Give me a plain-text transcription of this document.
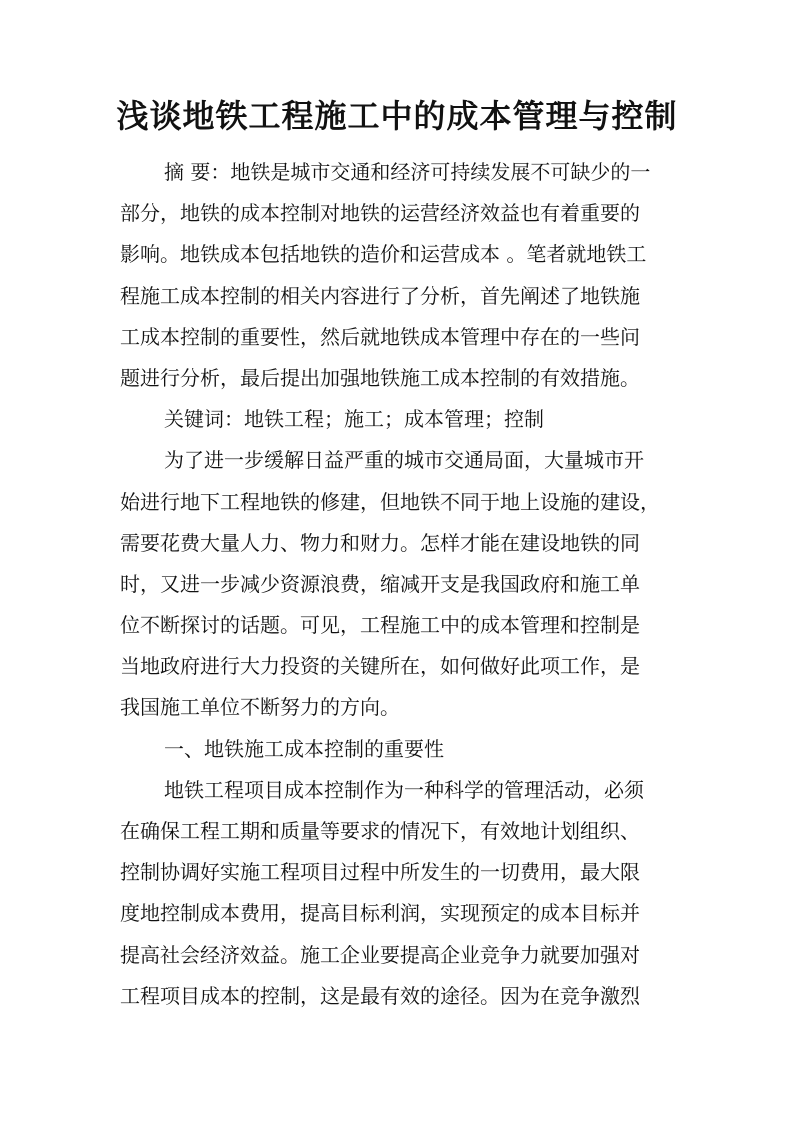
浅谈地铁工程施工中的成本管理与控制
摘 要：地铁是城市交通和经济可持续发展不可缺少的一
部分，地铁的成本控制对地铁的运营经济效益也有着重要的
影响。地铁成本包括地铁的造价和运营成本 。笔者就地铁工
程施工成本控制的相关内容进行了分析，首先阐述了地铁施
工成本控制的重要性，然后就地铁成本管理中存在的一些问
题进行分析，最后提出加强地铁施工成本控制的有效措施。
关键词：地铁工程；施工；成本管理；控制
为了进一步缓解日益严重的城市交通局面，大量城市开
始进行地下工程地铁的修建，但地铁不同于地上设施的建设，
需要花费大量人力、物力和财力。怎样才能在建设地铁的同
时，又进一步减少资源浪费，缩减开支是我国政府和施工单
位不断探讨的话题。可见，工程施工中的成本管理和控制是
当地政府进行大力投资的关键所在，如何做好此项工作，是
我国施工单位不断努力的方向。
一、地铁施工成本控制的重要性
地铁工程项目成本控制作为一种科学的管理活动，必须
在确保工程工期和质量等要求的情况下，有效地计划组织、
控制协调好实施工程项目过程中所发生的一切费用，最大限
度地控制成本费用，提高目标利润，实现预定的成本目标并
提高社会经济效益。施工企业要提高企业竞争力就要加强对
工程项目成本的控制，这是最有效的途径。因为在竞争激烈
